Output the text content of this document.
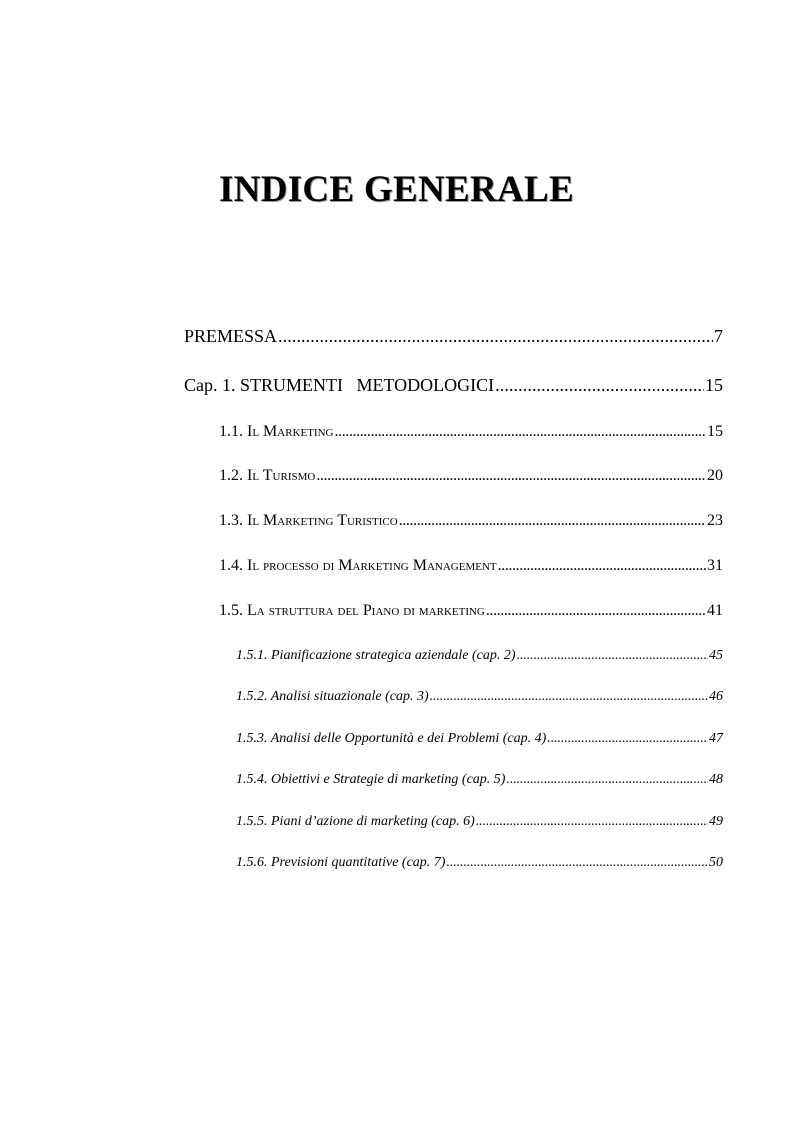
INDICE GENERALE
PREMESSA . . .	7
Cap. 1. STRUMENTI   METODOLOGICI . . .	15
1.1. Il Marketing . . .	15
1.2. Il Turismo . . .	20
1.3. Il Marketing Turistico . . .	23
1.4. Il processo di Marketing Management . . .	31
1.5. La struttura del Piano di marketing . . .	41
1.5.1. Pianificazione strategica aziendale (cap. 2) . . .	45
1.5.2. Analisi situazionale (cap. 3) . . .	46
1.5.3. Analisi delle Opportunità e dei Problemi (cap. 4) . . .	47
1.5.4. Obiettivi e Strategie di marketing (cap. 5) . . .	48
1.5.5. Piani d’azione di marketing (cap. 6) . . .	49
1.5.6. Previsioni quantitative (cap. 7) . . .	50
